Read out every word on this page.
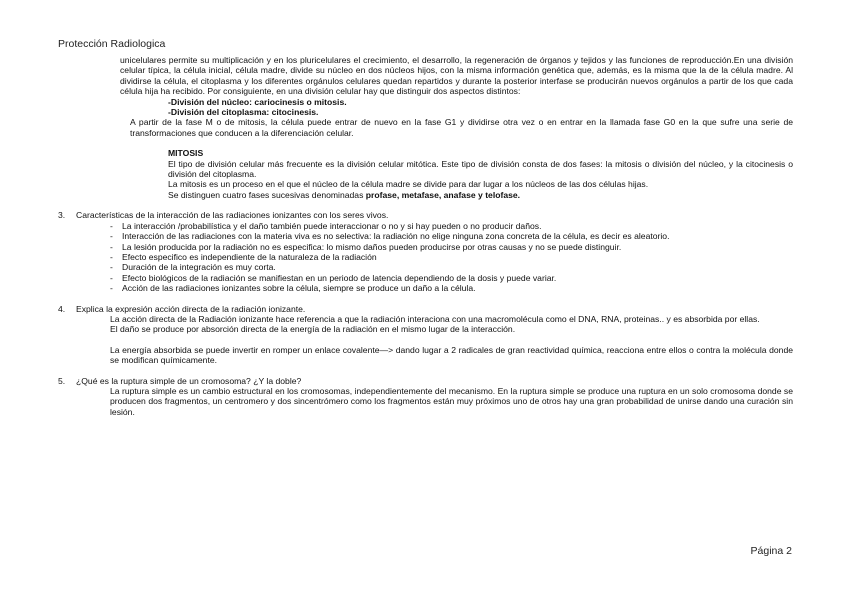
Protección Radiologica

unicelulares permite su multiplicación y en los pluricelulares el crecimiento, el desarrollo, la regeneración de órganos y tejidos y las funciones de reproducción.En una división celular típica, la célula inicial, célula madre, divide su núcleo en dos núcleos hijos, con la misma información genética que, además, es la misma que la de la célula madre. Al dividirse la célula, el citoplasma y los diferentes orgánulos celulares quedan repartidos y durante la posterior interfase se producirán nuevos orgánulos a partir de los que cada célula hija ha recibido. Por consiguiente, en una división celular hay que distinguir dos aspectos distintos:

-División del núcleo: cariocinesis o mitosis.

-División del citoplasma: citocinesis.

A partir de la fase M o de mitosis, la célula puede entrar de nuevo en la fase G1 y dividirse otra vez o en entrar en la llamada fase G0 en la que sufre una serie de transformaciones que conducen a la diferenciación celular.

MITOSIS

El tipo de división celular más frecuente es la división celular mitótica. Este tipo de división consta de dos fases: la mitosis o división del núcleo, y la citocinesis o división del citoplasma.

La mitosis es un proceso en el que el núcleo de la célula madre se divide para dar lugar a los núcleos de las dos células hijas.

Se distinguen cuatro fases sucesivas denominadas profase, metafase, anafase y telofase.

3. Características de la interacción de las radiaciones ionizantes con los seres vivos.

- La interacción /probabilística y el daño también puede interaccionar o no y si hay pueden o no producir daños.
- Interacción de las radiaciones con la materia viva es no selectiva: la radiación no elige ninguna zona concreta de la célula, es decir es aleatorio.
- La lesión producida por la radiación no es especifica: lo mismo daños pueden producirse por otras causas y no se puede distinguir.
- Efecto especifico es independiente de la naturaleza de la radiación
- Duración de la integración es muy corta.
- Efecto biológicos de la radiación se manifiestan en un periodo de latencia dependiendo de la dosis y puede variar.
- Acción de las radiaciones ionizantes sobre la célula, siempre se produce un daño a la célula.
4. Explica la expresión acción directa de la radiación ionizante.

La acción directa de la Radiación ionizante hace referencia a que la radiación interaciona con una macromolécula como el DNA, RNA, proteinas.. y es absorbida por ellas.

El daño se produce por absorción directa de la energía de la radiación en el mismo lugar de la interacción.

La energía absorbida se puede invertir en romper un enlace covalente—> dando lugar a 2 radicales de gran reactividad química, reacciona entre ellos o contra la molécula donde se modifican químicamente.

5. ¿Qué es la ruptura simple de un cromosoma? ¿Y la doble?

La ruptura simple es un cambio estructural en los cromosomas, independientemente del mecanismo. En la ruptura simple se produce una ruptura en un solo cromosoma donde se producen dos fragmentos, un centromero y dos sincentrómero como los fragmentos están muy próximos uno de otros hay una gran probabilidad de unirse dando una curación sin lesión.

Página 2
